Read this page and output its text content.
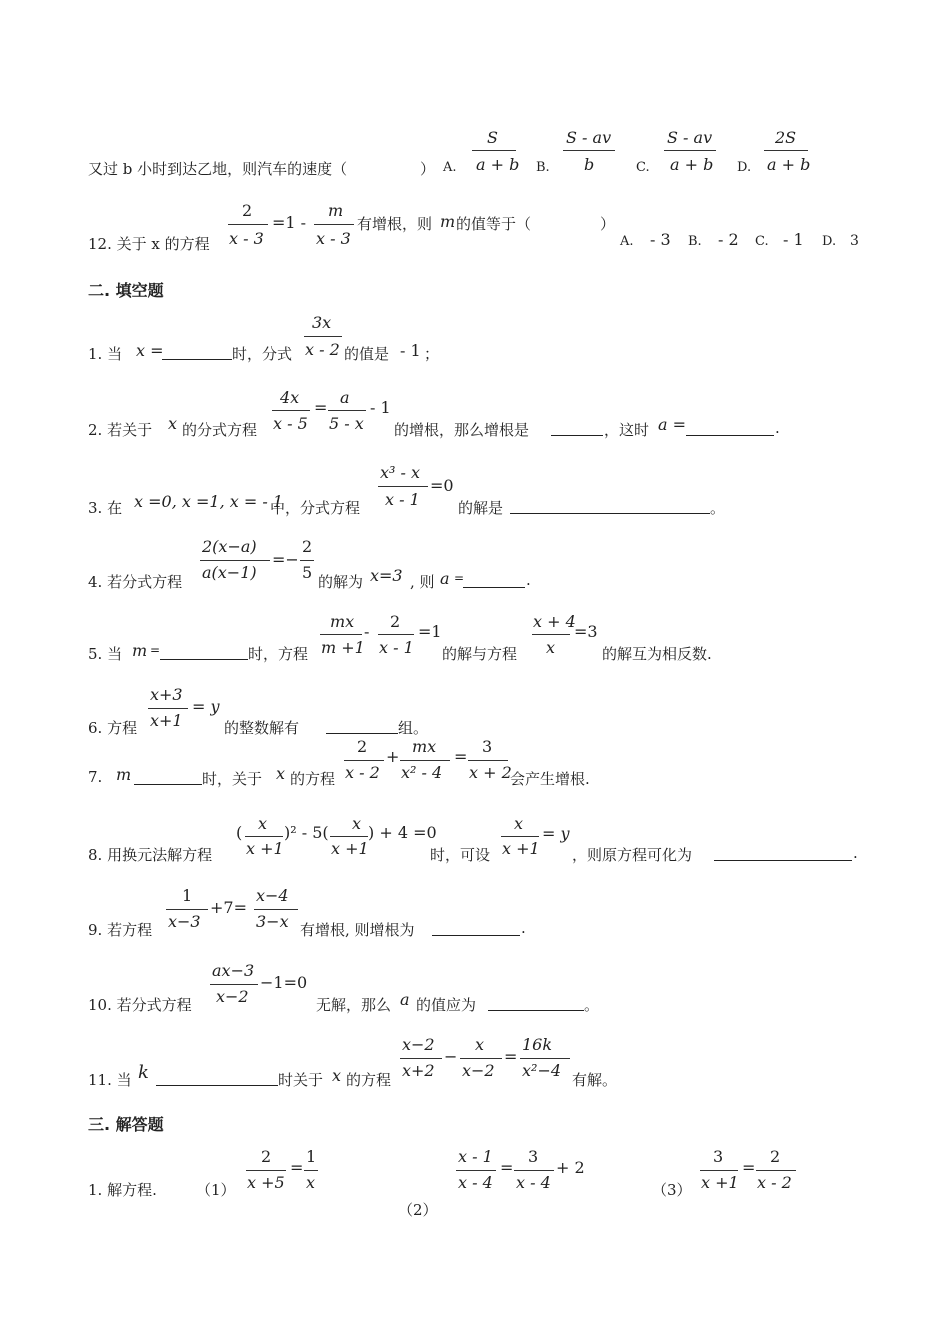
又过 b 小时到达乙地，则汽车的速度（	） A.
S
a + b B.
S - av
b	C.
S - av
a + b D.
2S
a + b
12. 关于 x 的方程
2
x - 3
=1 -
m
x - 3
有增根，则 m 的值等于（	）
A. - 3 B. - 2 C. - 1 D. 3
二. 填空题
1. 当 x =	时，分式
3x
x - 2 的值是 - 1 ；
2. 若关于 x 的分式方程
4x
x - 5
=
a
5 - x
- 1
的增根，那么增根是	，这时 a =	.
3. 在 x =0, x =1, x = - 1
中，分式方程
x³ - x
x - 1
=0
的解是	。
4. 若分式方程
2(x−a)
a(x−1)
=−
2
5 的解为 x=3 , 则 a =	.
5. 当 m =	时，方程
mx
m +1
-
2
x - 1
=1
的解与方程
x + 4
x
=3
的解互为相反数.
6. 方程
x+3
x+1
= y
的整数解有	组。
7. m	时，关于 x 的方程
2
x - 2
+
mx
x² - 4
=
3
x + 2
会产生增根.
8. 用换元法解方程
( x
x +1
)² - 5( x
x +1
) + 4 =0
时，可设
x
x +1
= y
，则原方程可化为	.
9. 若方程
1
x−3
+7=
x−4
3−x 有增根, 则增根为	.
10. 若分式方程
ax−3
x−2
−1=0
无解，那么 a 的值应为	。
11. 当 k	时关于 x 的方程
x−2
x+2
−
x
x−2
=
16k
x²−4 有解。
三. 解答题
1. 解方程.	（1）
2
x +5
=
1
x
（2）
x - 1
x - 4
=
3
x - 4
+ 2
（3）
3
x +1
=
2
x - 2
